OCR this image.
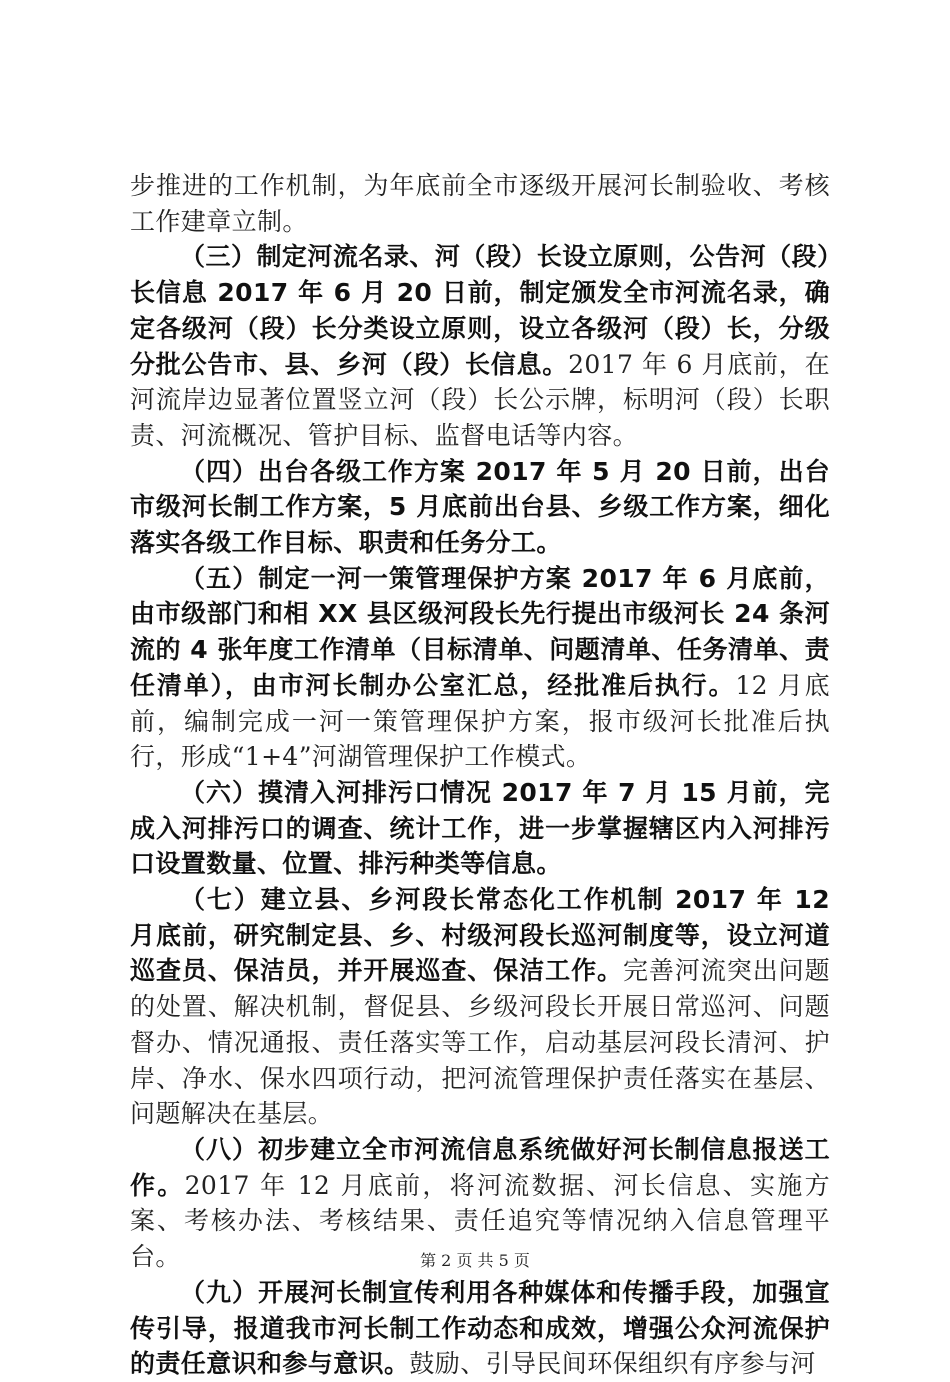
步推进的工作机制，为年底前全市逐级开展河长制验收、考核工作建章立制。

（三）制定河流名录、河（段）长设立原则，公告河（段）长信息 2017 年 6 月 20 日前，制定颁发全市河流名录，确定各级河（段）长分类设立原则，设立各级河（段）长，分级分批公告市、县、乡河（段）长信息。2017 年 6 月底前，在河流岸边显著位置竖立河（段）长公示牌，标明河（段）长职责、河流概况、管护目标、监督电话等内容。

（四）出台各级工作方案 2017 年 5 月 20 日前，出台市级河长制工作方案，5 月底前出台县、乡级工作方案，细化落实各级工作目标、职责和任务分工。

（五）制定一河一策管理保护方案 2017 年 6 月底前，由市级部门和相 XX 县区级河段长先行提出市级河长 24 条河流的 4 张年度工作清单（目标清单、问题清单、任务清单、责任清单），由市河长制办公室汇总，经批准后执行。12 月底前，编制完成一河一策管理保护方案，报市级河长批准后执行，形成“1+4”河湖管理保护工作模式。

（六）摸清入河排污口情况 2017 年 7 月 15 月前，完成入河排污口的调查、统计工作，进一步掌握辖区内入河排污口设置数量、位置、排污种类等信息。

（七）建立县、乡河段长常态化工作机制 2017 年 12 月底前，研究制定县、乡、村级河段长巡河制度等，设立河道巡查员、保洁员，并开展巡查、保洁工作。完善河流突出问题的处置、解决机制，督促县、乡级河段长开展日常巡河、问题督办、情况通报、责任落实等工作，启动基层河段长清河、护岸、净水、保水四项行动，把河流管理保护责任落实在基层、问题解决在基层。

（八）初步建立全市河流信息系统做好河长制信息报送工作。2017 年 12 月底前，将河流数据、河长信息、实施方案、考核办法、考核结果、责任追究等情况纳入信息管理平台。

（九）开展河长制宣传利用各种媒体和传播手段，加强宣传引导，报道我市河长制工作动态和成效，增强公众河流保护的责任意识和参与意识。鼓励、引导民间环保组织有序参与河

第 2 页 共 5 页
